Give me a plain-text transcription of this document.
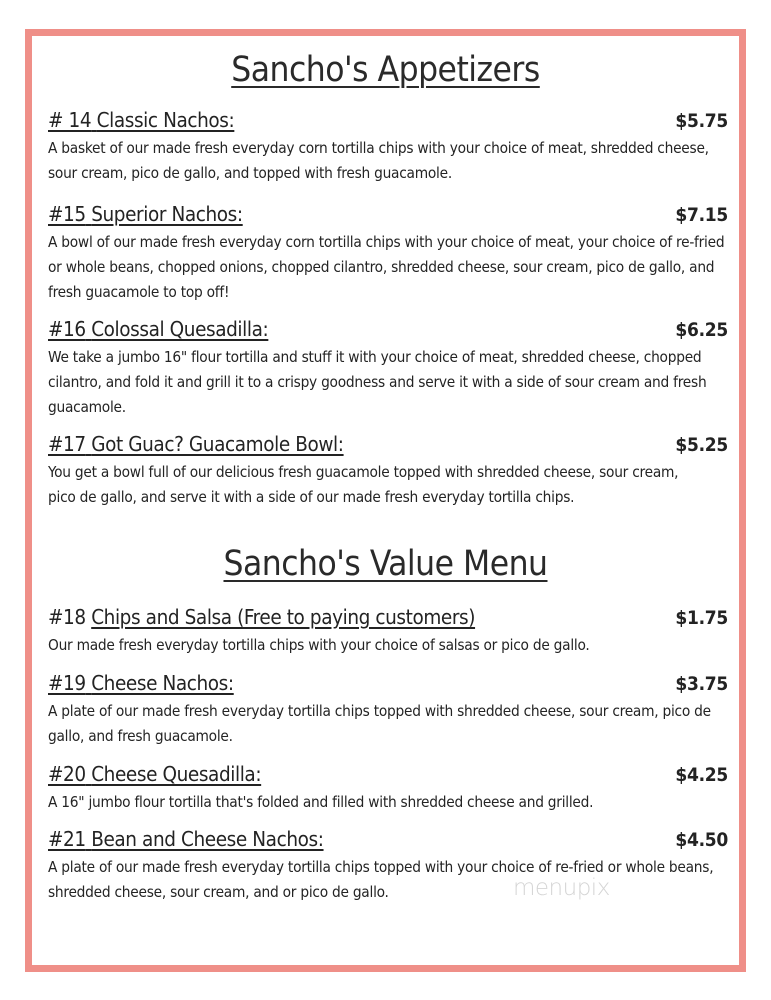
Sancho's Appetizers
# 14 Classic Nachos:	$5.75
A basket of our made fresh everyday corn tortilla chips with your choice of meat, shredded cheese, sour cream, pico de gallo, and topped with fresh guacamole.
#15 Superior Nachos:	$7.15
A bowl of our made fresh everyday corn tortilla chips with your choice of meat, your choice of re-fried or whole beans, chopped onions, chopped cilantro, shredded cheese, sour cream, pico de gallo, and fresh guacamole to top off!
#16 Colossal Quesadilla:	$6.25
We take a jumbo 16" flour tortilla and stuff it with your choice of meat, shredded cheese, chopped cilantro, and fold it and grill it to a crispy goodness and serve it with a side of sour cream and fresh guacamole.
#17 Got Guac? Guacamole Bowl:	$5.25
You get a bowl full of our delicious fresh guacamole topped with shredded cheese, sour cream, pico de gallo, and serve it with a side of our made fresh everyday tortilla chips.
Sancho's Value Menu
#18 Chips and Salsa (Free to paying customers)	$1.75
Our made fresh everyday tortilla chips with your choice of salsas or pico de gallo.
#19 Cheese Nachos:	$3.75
A plate of our made fresh everyday tortilla chips topped with shredded cheese, sour cream, pico de gallo, and fresh guacamole.
#20 Cheese Quesadilla:	$4.25
A 16" jumbo flour tortilla that's folded and filled with shredded cheese and grilled.
#21 Bean and Cheese Nachos:	$4.50
A plate of our made fresh everyday tortilla chips topped with your choice of re-fried or whole beans, shredded cheese, sour cream, and or pico de gallo.	menupix
